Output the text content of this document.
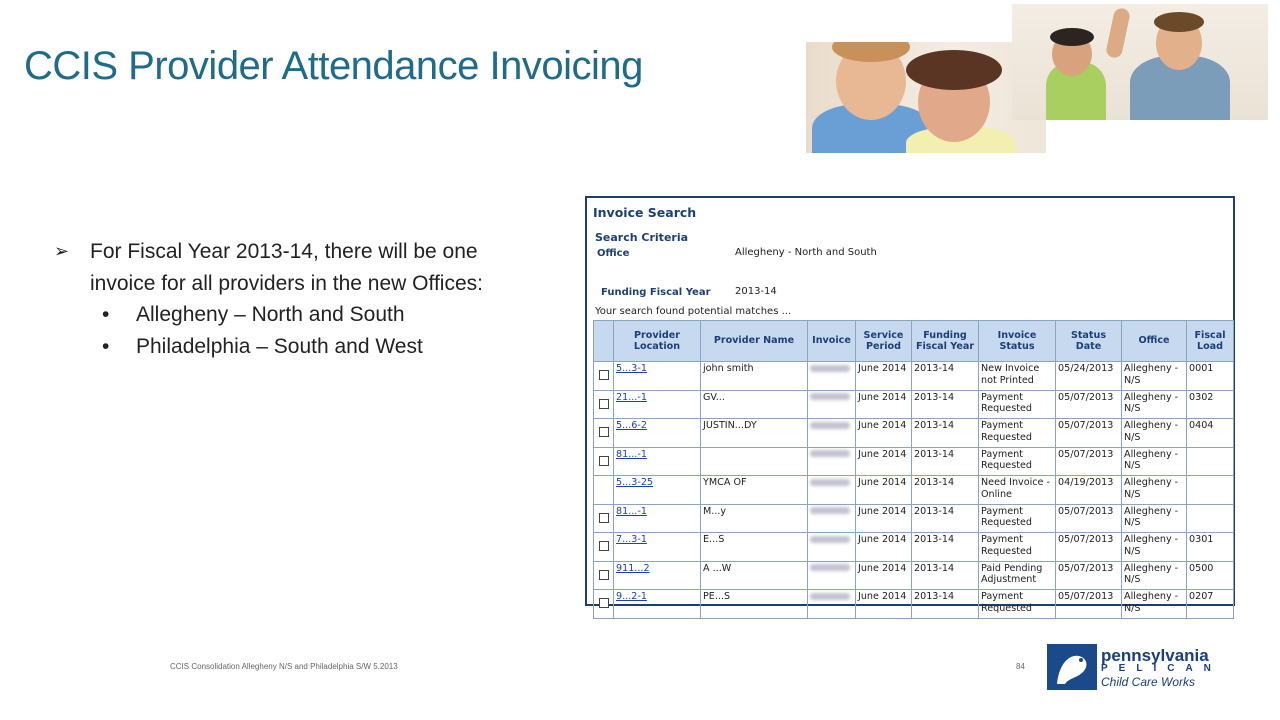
CCIS Provider Attendance Invoicing
➢ For Fiscal Year 2013-14, there will be one invoice for all providers in the new Offices:
•	Allegheny – North and South
•	Philadelphia – South and West
Invoice Search
Search Criteria
Office	Allegheny - North and South
Funding Fiscal Year 2013-14
Your search found potential matches ...
	Provider Location	Provider Name	Invoice	Service Period	Funding Fiscal Year	Invoice Status	Status Date	Office	Fiscal Load

	5...3-1	john smith		June 2014	2013-14	New Invoice not Printed	05/24/2013	Allegheny - N/S	0001

	21...-1	GV...		June 2014	2013-14	Payment Requested	05/07/2013	Allegheny - N/S	0302

	5...6-2	JUSTIN...DY		June 2014	2013-14	Payment Requested	05/07/2013	Allegheny - N/S	0404

	81...-1			June 2014	2013-14	Payment Requested	05/07/2013	Allegheny - N/S	
	5...3-25	YMCA OF		June 2014	2013-14	Need Invoice - Online	04/19/2013	Allegheny - N/S	

	81...-1	M...y		June 2014	2013-14	Payment Requested	05/07/2013	Allegheny - N/S	

	7...3-1	E...S		June 2014	2013-14	Payment Requested	05/07/2013	Allegheny - N/S	0301

	911...2	A ...W		June 2014	2013-14	Paid Pending Adjustment	05/07/2013	Allegheny - N/S	0500

	9...2-1	PE...S		June 2014	2013-14	Payment Requested	05/07/2013	Allegheny - N/S	0207
CCIS Consolidation Allegheny N/S and Philadelphia S/W 5.2013	84
pennsylvania
PELICAN
Child Care Works
